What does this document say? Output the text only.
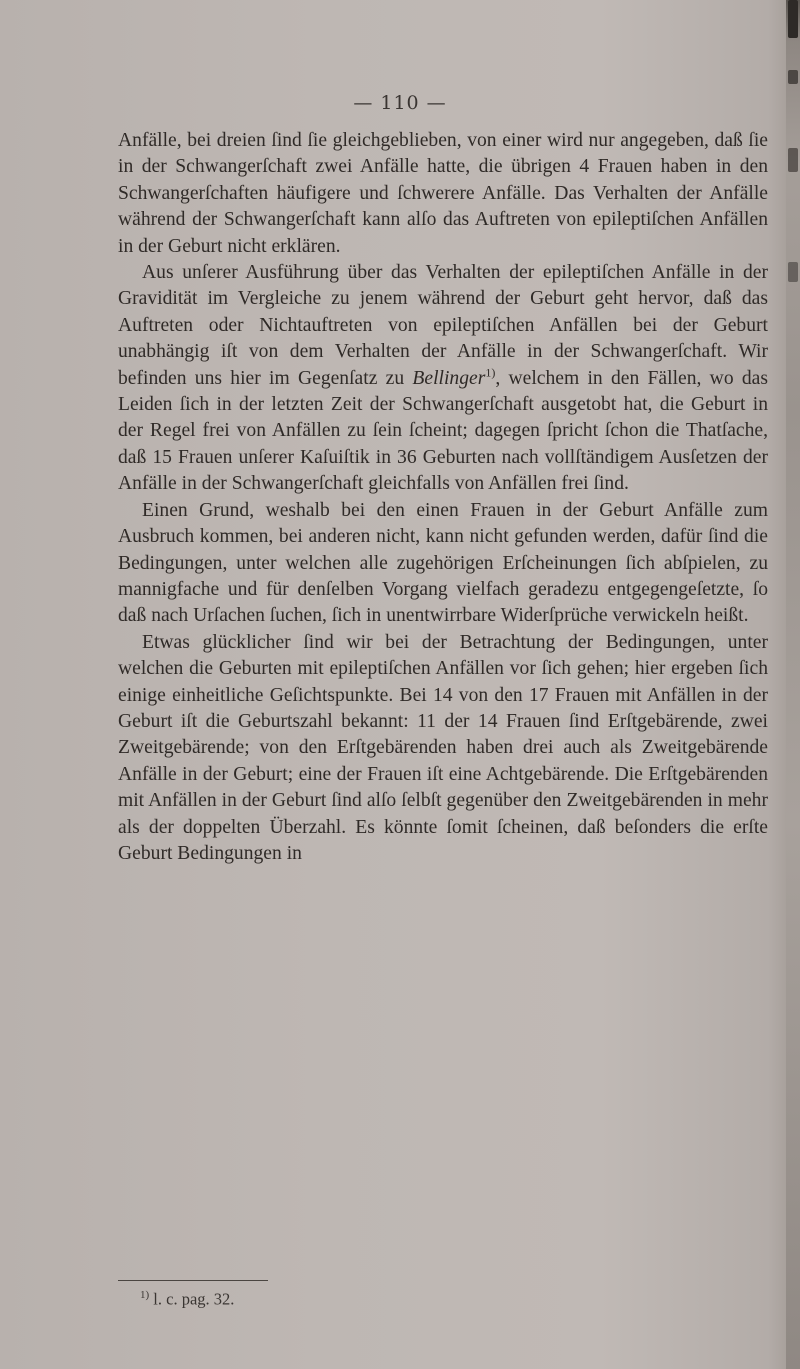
— 110 —

Anfälle, bei dreien ſind ſie gleichgeblieben, von einer wird nur angegeben, daß ſie in der Schwangerſchaft zwei Anfälle hatte, die übrigen 4 Frauen haben in den Schwangerſchaften häufigere und ſchwerere Anfälle. Das Verhalten der Anfälle während der Schwangerſchaft kann alſo das Auftreten von epileptiſchen Anfällen in der Geburt nicht erklären.

Aus unſerer Ausführung über das Verhalten der epileptiſchen Anfälle in der Gravidität im Vergleiche zu jenem während der Geburt geht hervor, daß das Auftreten oder Nichtauftreten von epileptiſchen Anfällen bei der Geburt unabhängig iſt von dem Verhalten der Anfälle in der Schwangerſchaft. Wir befinden uns hier im Gegenſatz zu Bellinger$^{1)}$, welchem in den Fällen, wo das Leiden ſich in der letzten Zeit der Schwangerſchaft ausgetobt hat, die Geburt in der Regel frei von Anfällen zu ſein ſcheint; dagegen ſpricht ſchon die Thatſache, daß 15 Frauen unſerer Kaſuiſtik in 36 Geburten nach vollſtändigem Ausſetzen der Anfälle in der Schwangerſchaft gleichfalls von Anfällen frei ſind.

Einen Grund, weshalb bei den einen Frauen in der Geburt Anfälle zum Ausbruch kommen, bei anderen nicht, kann nicht gefunden werden, dafür ſind die Bedingungen, unter welchen alle zugehörigen Erſcheinungen ſich abſpielen, zu mannigfache und für denſelben Vorgang vielfach geradezu entgegengeſetzte, ſo daß nach Urſachen ſuchen, ſich in unentwirrbare Widerſprüche verwickeln heißt.

Etwas glücklicher ſind wir bei der Betrachtung der Bedingungen, unter welchen die Geburten mit epileptiſchen Anfällen vor ſich gehen; hier ergeben ſich einige einheitliche Geſichtspunkte. Bei 14 von den 17 Frauen mit Anfällen in der Geburt iſt die Geburtszahl bekannt: 11 der 14 Frauen ſind Erſtgebärende, zwei Zweitgebärende; von den Erſtgebärenden haben drei auch als Zweitgebärende Anfälle in der Geburt; eine der Frauen iſt eine Achtgebärende. Die Erſtgebärenden mit Anfällen in der Geburt ſind alſo ſelbſt gegenüber den Zweitgebärenden in mehr als der doppelten Überzahl. Es könnte ſomit ſcheinen, daß beſonders die erſte Geburt Bedingungen in

$^{1)}$ l. c. pag. 32.
